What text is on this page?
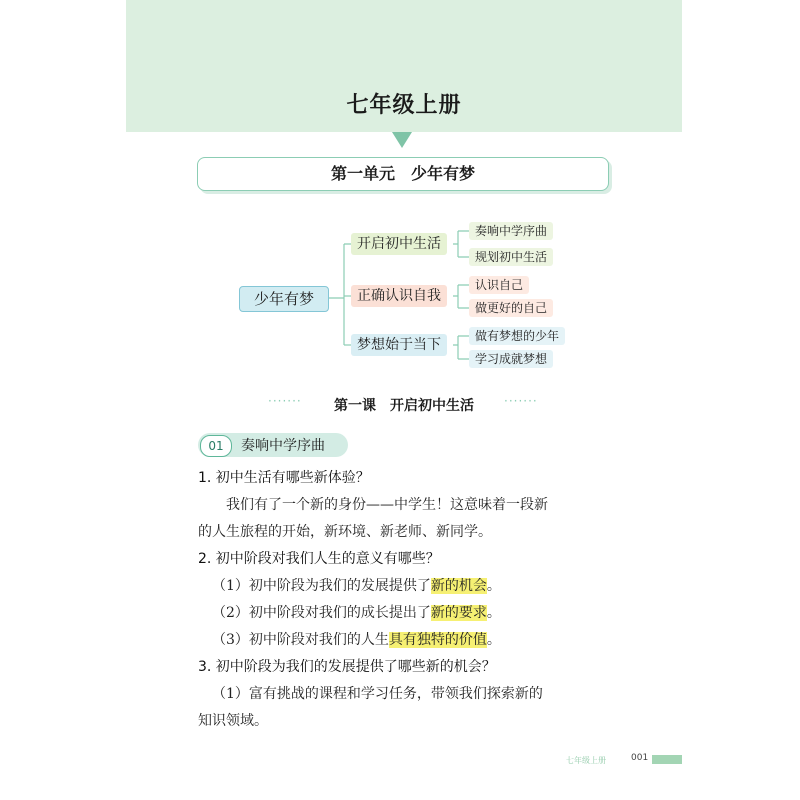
七年级上册
第一单元　少年有梦
少年有梦
开启初中生活
正确认识自我
梦想始于当下
奏响中学序曲
规划初中生活
认识自己
做更好的自己
做有梦想的少年
学习成就梦想
·······	第一课　开启初中生活	·······
01	奏响中学序曲
1. 初中生活有哪些新体验？
我们有了一个新的身份——中学生！这意味着一段新
的人生旅程的开始，新环境、新老师、新同学。
2. 初中阶段对我们人生的意义有哪些？
（1）初中阶段为我们的发展提供了新的机会。
（2）初中阶段对我们的成长提出了新的要求。
（3）初中阶段对我们的人生具有独特的价值。
3. 初中阶段为我们的发展提供了哪些新的机会？
（1）富有挑战的课程和学习任务，带领我们探索新的
知识领域。
七年级上册	001
